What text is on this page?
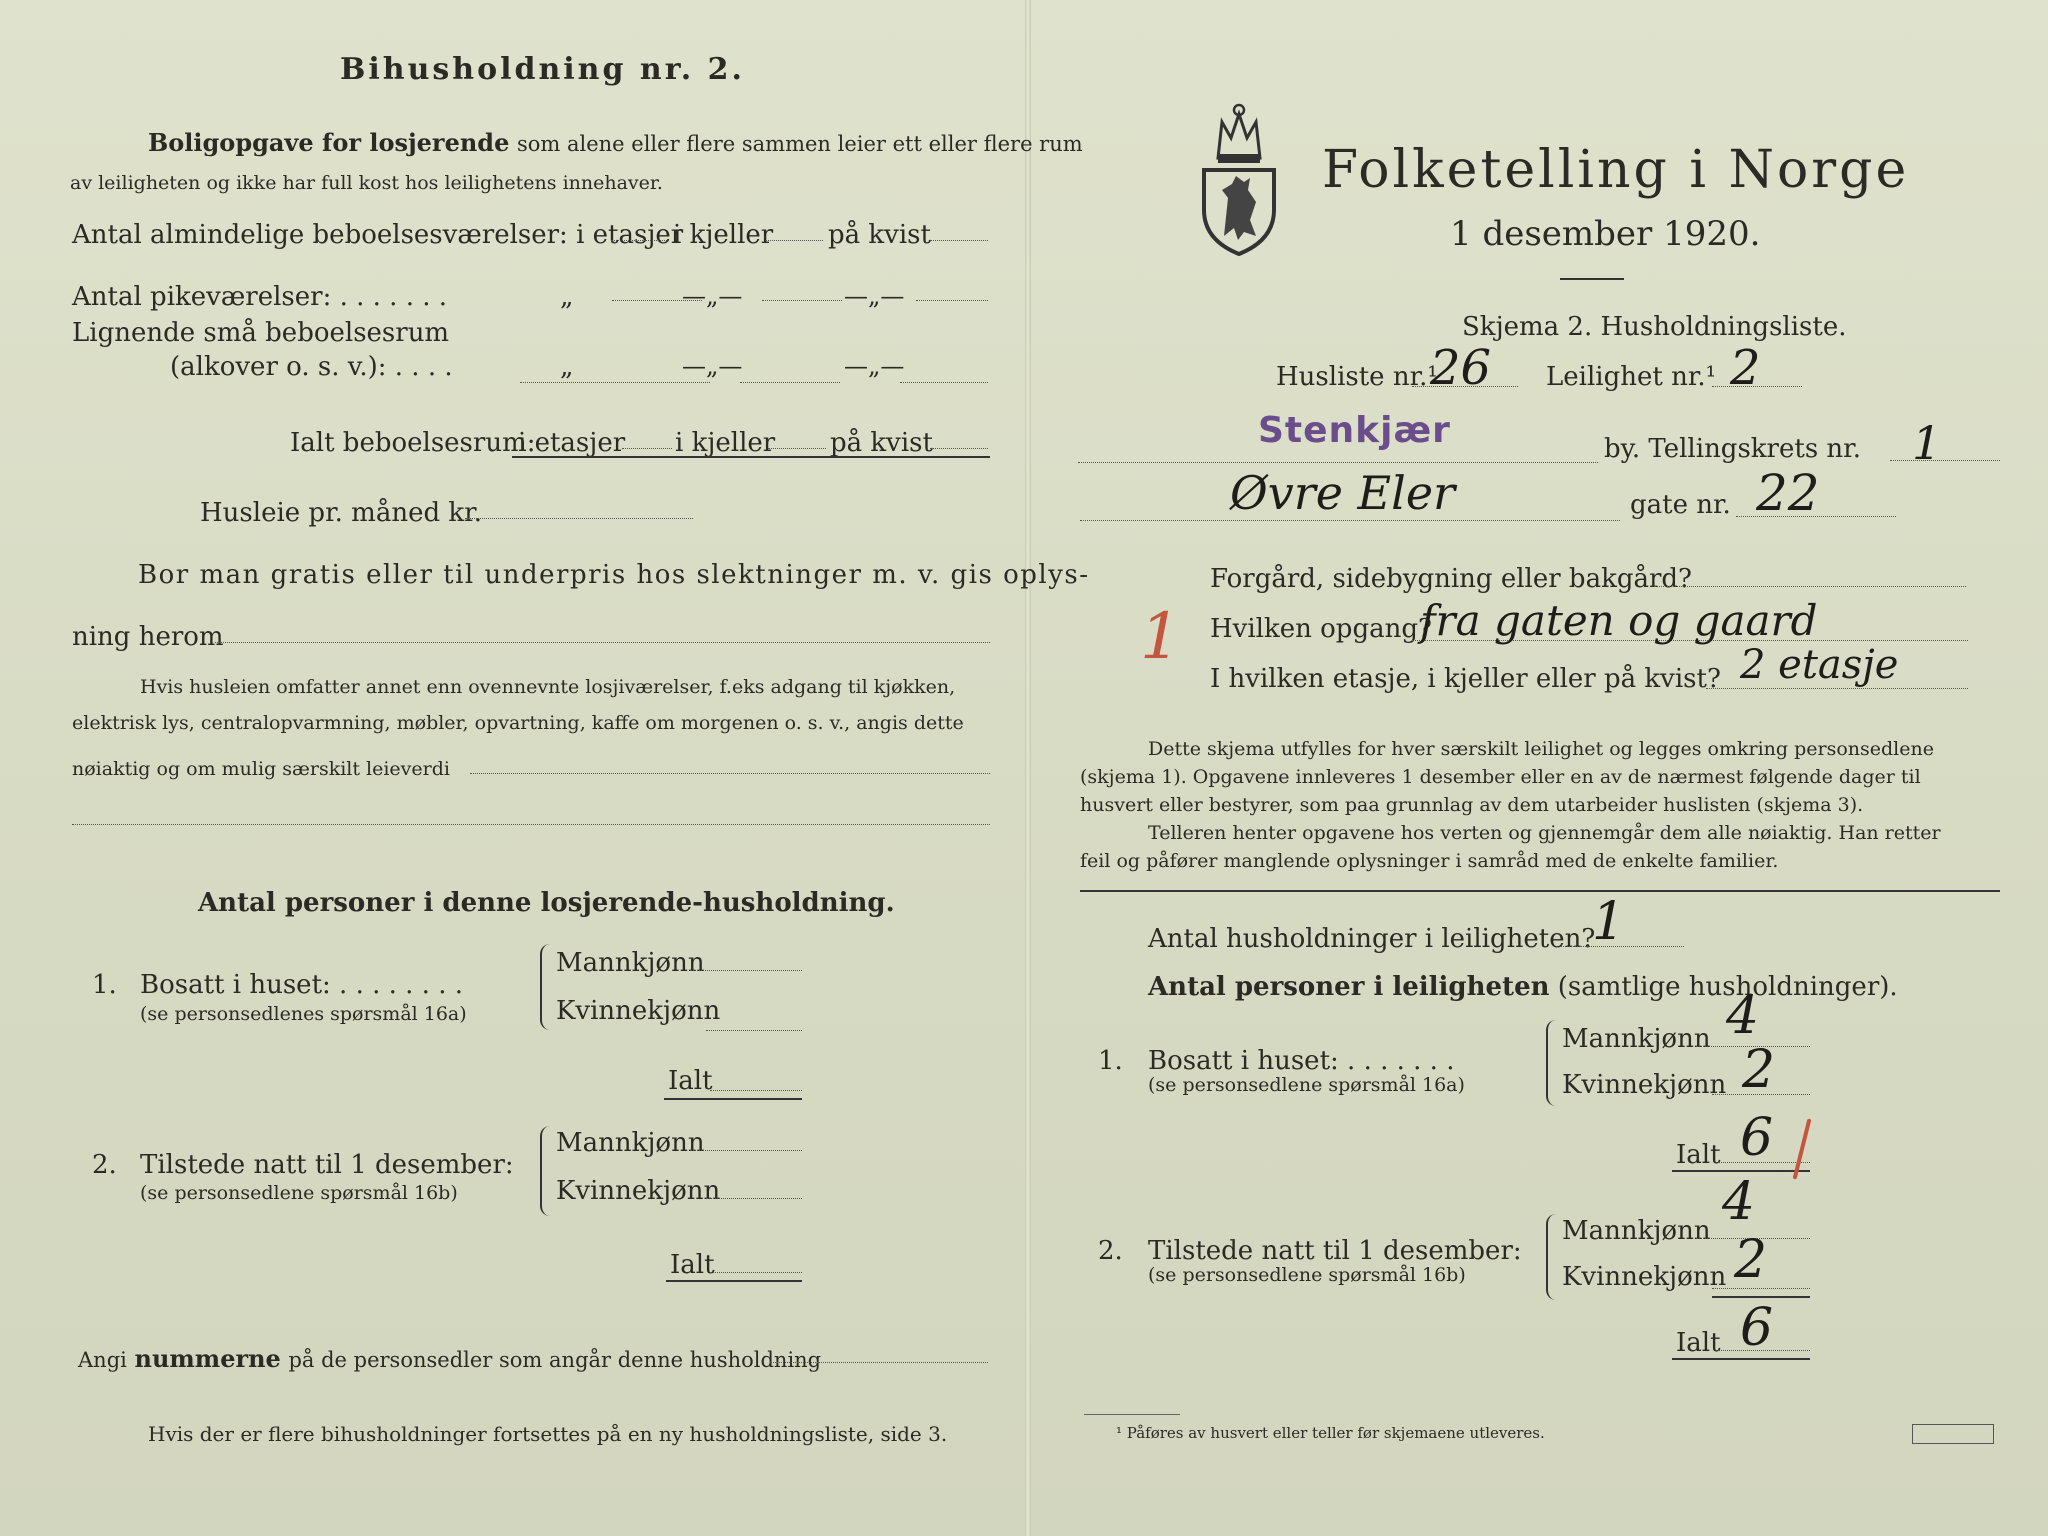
Bihusholdning nr. 2.
Boligopgave for losjerende som alene eller flere sammen leier ett eller flere rum
av leiligheten og ikke har full kost hos leilighetens innehaver.
Antal almindelige beboelsesværelser: i etasjer
i kjeller på kvist
Antal pikeværelser: . . . . . . .	„	—„—	—„—
Lignende små beboelsesrum
(alkover o. s. v.): . . . .	„	—„—	—„—
Ialt beboelsesrum:
i etasjer i kjeller på kvist
Husleie pr. måned kr.
Bor man gratis eller til underpris hos slektninger m. v. gis oplys-
ning herom
Hvis husleien omfatter annet enn ovennevnte losjiværelser, f.eks adgang til kjøkken,
elektrisk lys, centralopvarmning, møbler, opvartning, kaffe om morgenen o. s. v., angis dette
nøiaktig og om mulig særskilt leieverdi
Antal personer i denne losjerende-husholdning.
1. Bosatt i huset: . . . . . . . .
(se personsedlenes spørsmål 16a)
Mannkjønn
Kvinnekjønn
Ialt
2. Tilstede natt til 1 desember:
(se personsedlene spørsmål 16b)
Mannkjønn
Kvinnekjønn
Ialt
Angi nummerne på de personsedler som angår denne husholdning
Hvis der er flere bihusholdninger fortsettes på en ny husholdningsliste, side 3.
Folketelling i Norge
1 desember 1920.
Skjema 2. Husholdningsliste.
Husliste nr.¹
26 Leilighet nr.¹ 2
Stenkjær	by. Tellingskrets nr. 1
Øvre Eler	gate nr. 22
Forgård, sidebygning eller bakgård?
1 Hvilken opgang?
fra gaten og gaard
I hvilken etasje, i kjeller eller på kvist? 2 etasje
Dette skjema utfylles for hver særskilt leilighet og legges omkring personsedlene
(skjema 1). Opgavene innleveres 1 desember eller en av de nærmest følgende dager til
husvert eller bestyrer, som paa grunnlag av dem utarbeider huslisten (skjema 3).
Telleren henter opgavene hos verten og gjennemgår dem alle nøiaktig. Han retter
feil og påfører manglende oplysninger i samråd med de enkelte familier.
Antal husholdninger i leiligheten?
1
Antal personer i leiligheten (samtlige husholdninger).
1. Bosatt i huset: . . . . . . .
(se personsedlene spørsmål 16a)
Mannkjønn 4
Kvinnekjønn 2
Ialt 6
2. Tilstede natt til 1 desember:
(se personsedlene spørsmål 16b)
Mannkjønn 4
Kvinnekjønn 2
Ialt 6
¹ Påføres av husvert eller teller før skjemaene utleveres.
